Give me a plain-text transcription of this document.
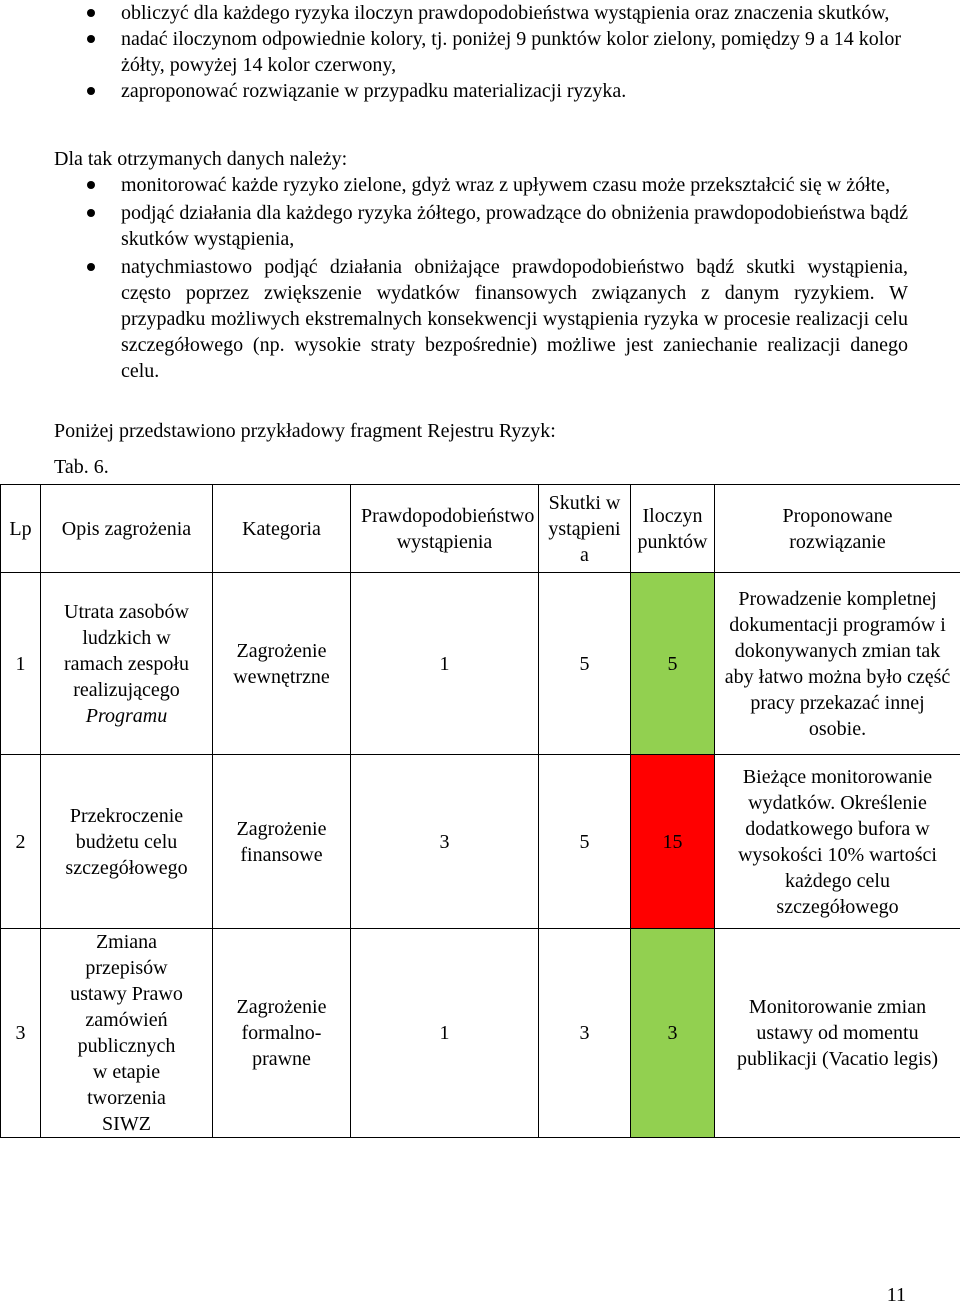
obliczyć dla każdego ryzyka iloczyn prawdopodobieństwa wystąpienia oraz znaczenia skutków,
nadać iloczynom odpowiednie kolory, tj. poniżej 9 punktów kolor zielony, pomiędzy 9 a 14 kolor żółty, powyżej 14 kolor czerwony,
zaproponować rozwiązanie w przypadku materializacji ryzyka.
Dla tak otrzymanych danych należy:
monitorować każde ryzyko zielone, gdyż wraz z upływem czasu może przekształcić się w żółte,
podjąć działania dla każdego ryzyka żółtego, prowadzące do obniżenia prawdopodobieństwa bądź skutków wystąpienia,
natychmiastowo podjąć działania obniżające prawdopodobieństwo bądź skutki wystąpienia, często poprzez zwiększenie wydatków finansowych związanych z danym ryzykiem. W przypadku możliwych ekstremalnych konsekwencji wystąpienia ryzyka w procesie realizacji celu szczegółowego (np. wysokie straty bezpośrednie) możliwe jest zaniechanie realizacji danego celu.
Poniżej przedstawiono przykładowy fragment Rejestru Ryzyk:
Tab. 6.
Lp	Opis zagrożenia	Kategoria	Prawdopodobieństwo wystąpienia	Skutki wystąpienia	Iloczyn punktów	Proponowane rozwiązanie
1	Utrata zasobów ludzkich w ramach zespołu realizującego Programu	Zagrożenie wewnętrzne	1	5	5	Prowadzenie kompletnej dokumentacji programów i dokonywanych zmian tak aby łatwo można było część pracy przekazać innej osobie.
2	Przekroczenie budżetu celu szczegółowego	Zagrożenie finansowe	3	5	15	Bieżące monitorowanie wydatków. Określenie dodatkowego bufora w wysokości 10% wartości każdego celu szczegółowego
3	Zmiana przepisów ustawy Prawo zamówień publicznych w etapie tworzenia SIWZ	Zagrożenie formalno-prawne	1	3	3	Monitorowanie zmian ustawy od momentu publikacji (Vacatio legis)
11
